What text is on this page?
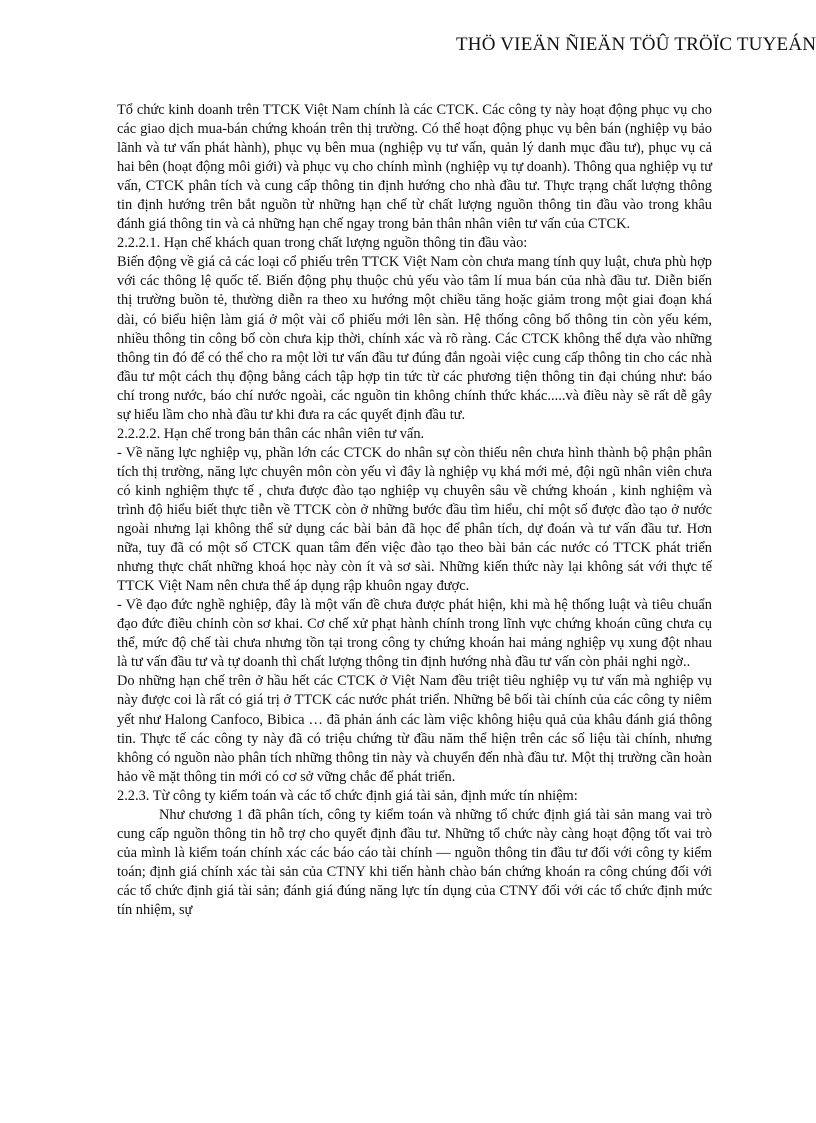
THÖ VIEÄN ÑIEÄN TÖÛ TRÖÏC TUYEÁN

Tổ chức kinh doanh trên TTCK Việt Nam chính là các CTCK. Các công ty này hoạt động phục vụ cho các giao dịch mua-bán chứng khoán trên thị trường. Có thể hoạt động phục vụ bên bán (nghiệp vụ bảo lãnh và tư vấn phát hành), phục vụ bên mua (nghiệp vụ tư vấn, quản lý danh mục đầu tư), phục vụ cả hai bên (hoạt động môi giới) và phục vụ cho chính mình (nghiệp vụ tự doanh). Thông qua nghiệp vụ tư vấn, CTCK phân tích và cung cấp thông tin định hướng cho nhà đầu tư. Thực trạng chất lượng thông tin định hướng trên bắt nguồn từ những hạn chế từ chất lượng nguồn thông tin đầu vào trong khâu đánh giá thông tin và cả những hạn chế ngay trong bản thân nhân viên tư vấn của CTCK.

2.2.2.1. Hạn chế khách quan trong chất lượng nguồn thông tin đầu vào:

Biến động về giá cả các loại cổ phiếu trên TTCK Việt Nam còn chưa mang tính quy luật, chưa phù hợp với các thông lệ quốc tế. Biến động phụ thuộc chủ yếu vào tâm lí mua bán của nhà đầu tư. Diễn biến thị trường buồn tẻ, thường diễn ra theo xu hướng một chiều tăng hoặc giảm trong một giai đoạn khá dài, có biểu hiện làm giá ở một vài cổ phiếu mới lên sàn. Hệ thống công bố thông tin còn yếu kém, nhiều thông tin công bố còn chưa kịp thời, chính xác và rõ ràng. Các CTCK không thể dựa vào những thông tin đó để có thể cho ra một lời tư vấn đầu tư đúng đắn ngoài việc cung cấp thông tin cho các nhà đầu tư một cách thụ động bằng cách tập hợp tin tức từ các phương tiện thông tin đại chúng như: báo chí trong nước, báo chí nước ngoài, các nguồn tin không chính thức khác.....và điều này sẽ rất dễ gây sự hiểu lầm cho nhà đầu tư khi đưa ra các quyết định đầu tư.

2.2.2.2. Hạn chế trong bản thân các nhân viên tư vấn.

- Về năng lực nghiệp vụ, phần lớn các CTCK do nhân sự còn thiếu nên chưa hình thành bộ phận phân tích thị trường, năng lực chuyên môn còn yếu vì đây là nghiệp vụ khá mới mẻ, đội ngũ nhân viên chưa có kinh nghiệm thực tế , chưa được đào tạo nghiệp vụ chuyên sâu về chứng khoán , kinh nghiệm và trình độ hiểu biết thực tiễn về TTCK còn ở những bước đầu tìm hiểu, chỉ một số được đào tạo ở nước ngoài nhưng lại không thể sử dụng các bài bản đã học để phân tích, dự đoán và tư vấn đầu tư. Hơn nữa, tuy đã có một số CTCK quan tâm đến việc đào tạo theo bài bản các nước có TTCK phát triển nhưng thực chất những khoá học này còn ít và sơ sài. Những kiến thức này lại không sát với thực tế TTCK Việt Nam nên chưa thể áp dụng rập khuôn ngay được.

- Về đạo đức nghề nghiệp, đây là một vấn đề chưa được phát hiện, khi mà hệ thống luật và tiêu chuẩn đạo đức điều chỉnh còn sơ khai. Cơ chế xử phạt hành chính trong lĩnh vực chứng khoán cũng chưa cụ thể, mức độ chế tài chưa nhưng tồn tại trong công ty chứng khoán hai mảng nghiệp vụ xung đột nhau là tư vấn đầu tư và tự doanh thì chất lượng thông tin định hướng nhà đầu tư vấn còn phải nghi ngờ..

Do những hạn chế trên ở hầu hết các CTCK ở Việt Nam đều triệt tiêu nghiệp vụ tư vấn mà nghiệp vụ này được coi là rất có giá trị ở TTCK các nước phát triển. Những bê bối tài chính của các công ty niêm yết như Halong Canfoco, Bibica … đã phản ánh các làm việc không hiệu quả của khâu đánh giá thông tin. Thực tế các công ty này đã có triệu chứng từ đầu năm thể hiện trên các số liệu tài chính, nhưng không có nguồn nào phân tích những thông tin này và chuyển đến nhà đầu tư. Một thị trường cần hoàn hảo về mặt thông tin mới có cơ sở vững chắc để phát triển.

2.2.3. Từ công ty kiểm toán và các tổ chức định giá tài sản, định mức tín nhiệm:

Như chương 1 đã phân tích, công ty kiểm toán và những tổ chức định giá tài sản mang vai trò cung cấp nguồn thông tin hỗ trợ cho quyết định đầu tư. Những tổ chức này càng hoạt động tốt vai trò của mình là kiểm toán chính xác các báo cáo tài chính — nguồn thông tin đầu tư đối với công ty kiểm toán; định giá chính xác tài sản của CTNY khi tiến hành chào bán chứng khoán ra công chúng đối với các tổ chức định giá tài sản; đánh giá đúng năng lực tín dụng của CTNY đối với các tổ chức định mức tín nhiệm, sự
